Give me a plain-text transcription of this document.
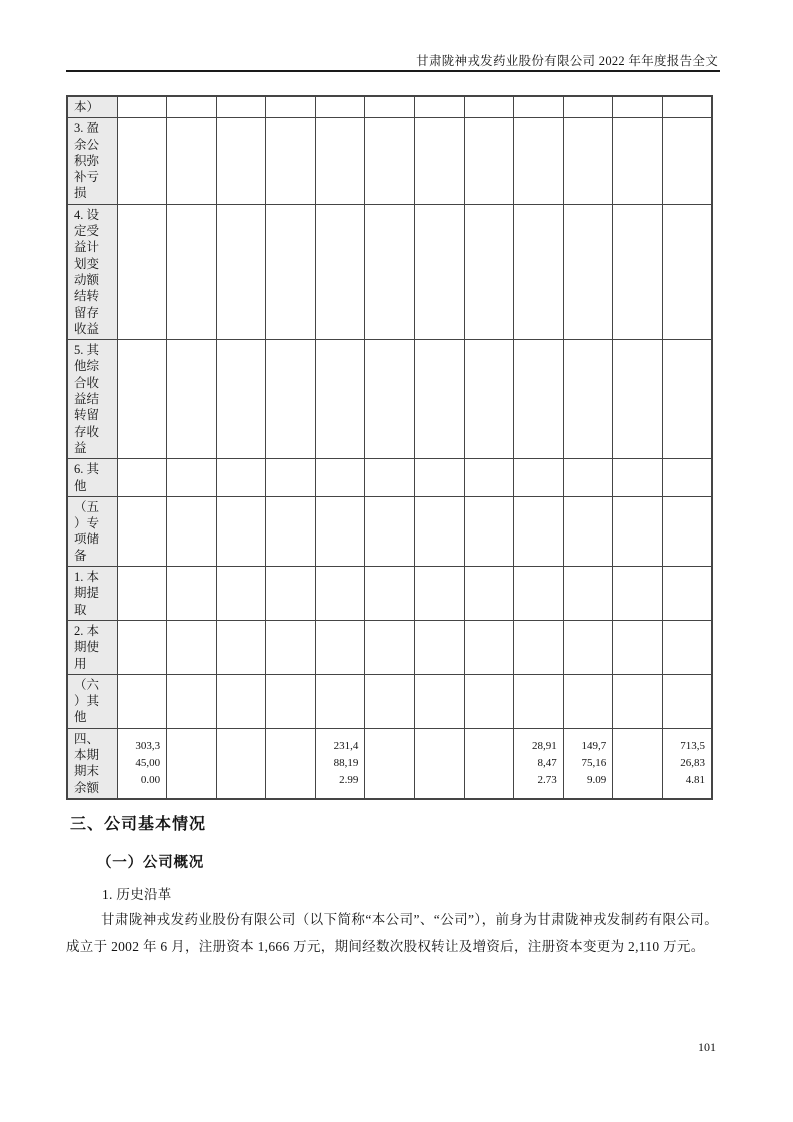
甘肃陇神戎发药业股份有限公司 2022 年年度报告全文
本）												
3. 盈余公积弥补亏损												
4. 设定受益计划变动额结转留存收益												
5. 其他综合收益结转留存收益												
6. 其他												
（五）专项储备												
1. 本期提取												
2. 本期使用												
（六）其他												
四、本期期末余额	303,345,000.00				231,488,192.99				28,918,472.73	149,775,169.09		713,526,834.81
三、公司基本情况
（一）公司概况
1. 历史沿革
甘肃陇神戎发药业股份有限公司（以下简称“本公司”、“公司”），前身为甘肃陇神戎发制药有限公司。成立于 2002 年 6 月，注册资本 1,666 万元，期间经数次股权转让及增资后，注册资本变更为 2,110 万元。
101
